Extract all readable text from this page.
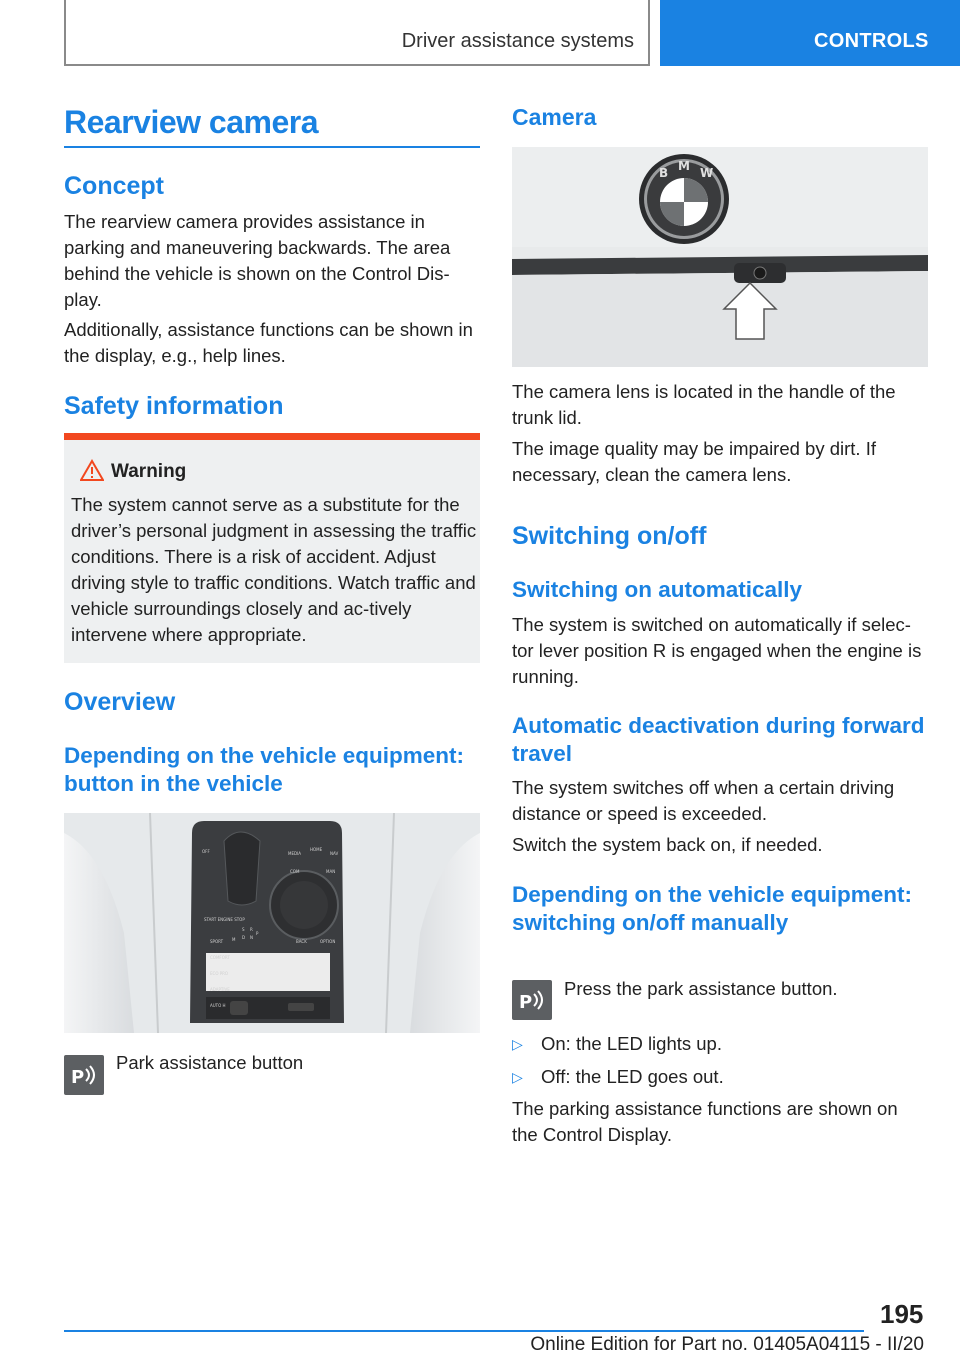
Driver assistance systems	CONTROLS
Rearview camera
Concept
The rearview camera provides assistance in parking and maneuvering backwards. The area behind the vehicle is shown on the Control Dis-play.
Additionally, assistance functions can be shown in the display, e.g., help lines.
Safety information
Warning
The system cannot serve as a substitute for the driver’s personal judgment in assessing the traffic conditions. There is a risk of accident. Adjust driving style to traffic conditions. Watch traffic and vehicle surroundings closely and ac-tively intervene where appropriate.
Overview
Depending on the vehicle equipment: button in the vehicle
MEDIA
HOME
NAV
COM	MAN
BACK	OPTION
SPORT
COMFORT
ECO PRO
ADAPTIVE
AUTO H
START ENGINE STOP
M
S
D
R
N
P
OFF
P
Park assistance button
Camera
B M W
The camera lens is located in the handle of the trunk lid.
The image quality may be impaired by dirt. If necessary, clean the camera lens.
Switching on/off
Switching on automatically
The system is switched on automatically if selec-tor lever position R is engaged when the engine is running.
Automatic deactivation during forward travel
The system switches off when a certain driving distance or speed is exceeded.
Switch the system back on, if needed.
Depending on the vehicle equipment: switching on/off manually
P
Press the park assistance button.
▷ On: the LED lights up.
▷ Off: the LED goes out.
The parking assistance functions are shown on the Control Display.
195
Online Edition for Part no. 01405A04115 - II/20
